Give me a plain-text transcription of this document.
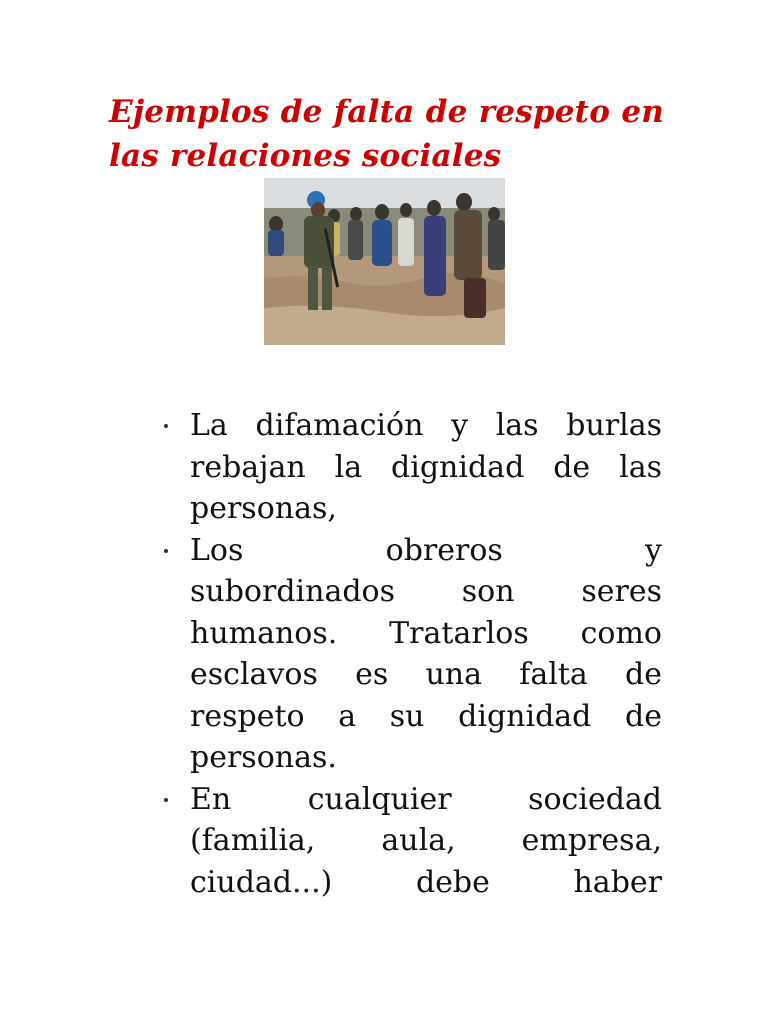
Ejemplos de falta de respeto en las relaciones sociales
La difamación y las burlas
rebajan la dignidad de las
personas,
Los obreros y
subordinados son seres
humanos. Tratarlos como
esclavos es una falta de
respeto a su dignidad de
personas.
En cualquier sociedad
(familia, aula, empresa,
ciudad...) debe haber
